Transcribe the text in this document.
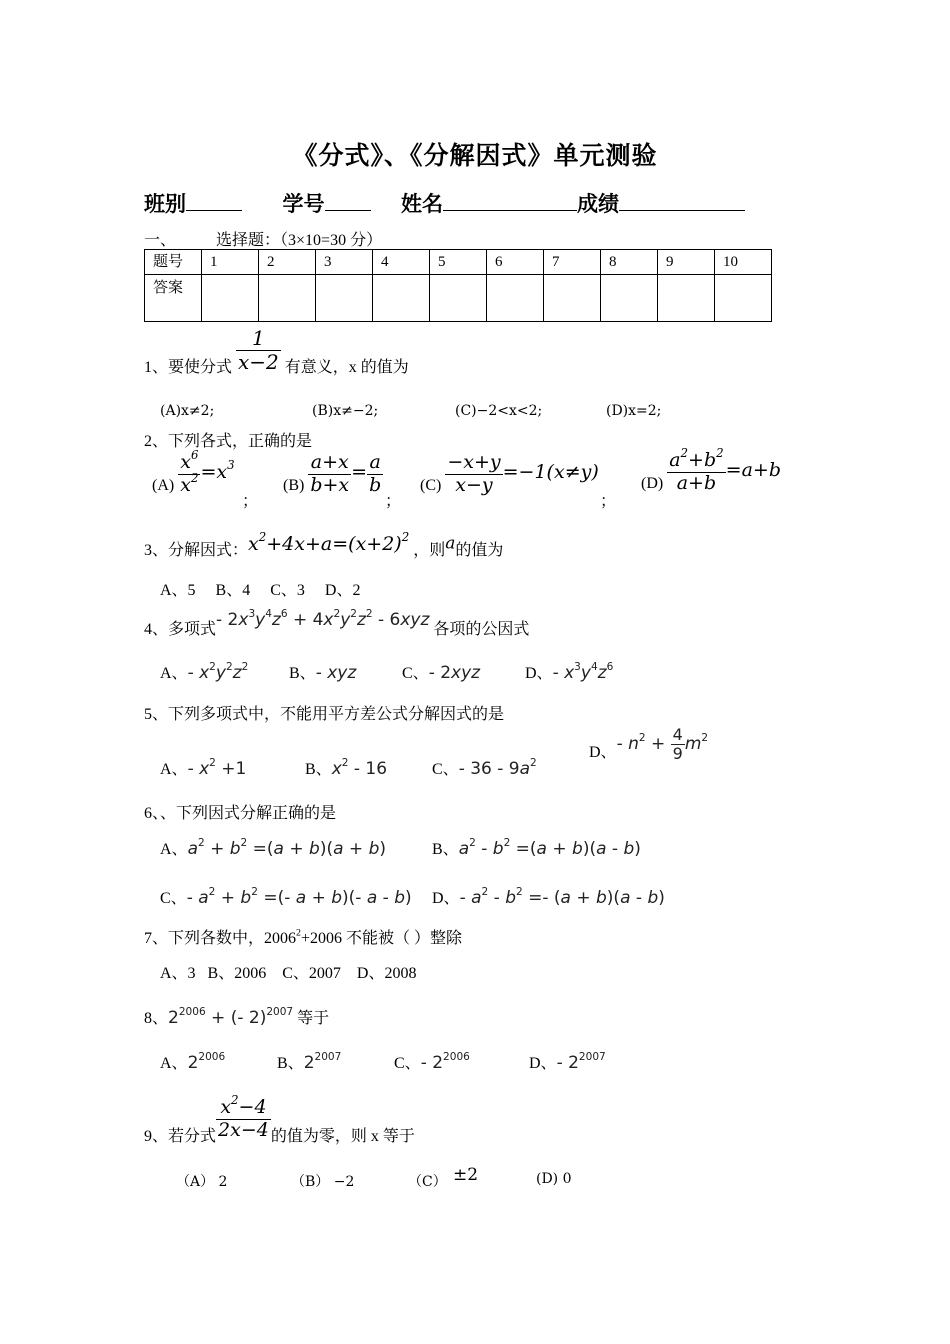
《分式》、《分解因式》单元测验
班别	学号	姓名	成绩
一、	选择题：（3×10=30 分）
题号	1	2	3	4	5	6	7	8	9	10
答案										
1、要使分式 $\frac{1}{x-2}$ 有意义，x 的值为
(A)x≠2;	(B)x≠−2;	(C)−2<x<2;	(D)x=2;
2、下列各式，正确的是
$(A) \frac{x^6}{x^2} =x^3$
；
$(B) \frac{a+x}{b+x} = \frac{a}{b}$
；
$(C) \frac{-x+y}{x-y} =-1(x\ne y)$
；
$(D) \frac{a^2+b^2}{a+b} =a+b$
3、分解因式：$x^2+4x+a=(x+2)^2$ ，则a的值为
A、5     B、4     C、3     D、2
4、多项式- $2x^3y^4z^6 + 4x^2y^2z^2 - 6xyz$ 各项的公因式
A、- $x^2y^2z^2$	B、- xyz	C、- 2xyz	D、- $x^3y^4z^6$
5、下列多项式中，不能用平方差公式分解因式的是
A、- $x^2 +1$	B、$x^2 - 16$	C、- $36 - 9a^2$
D、- $n^2 + \frac{4}{9} m^2$
6、、下列因式分解正确的是
A、$a^2 + b^2 =(a + b)(a + b)$	B、$a^2 - b^2 =(a + b)(a - b)$
C、- $a^2 + b^2$ =(- a + b)(- a - b) D、- $a^2 - b^2 =- (a + b)(a - b)$
7、下列各数中，$2006^2+2006$ 不能被（ ）整除
A、3   B、2006    C、2007    D、2008
8、$2^{2006}$ + (- 2)$^{2007}$ 等于
A、$2^{2006}$	B、$2^{2007}$	C、- $2^{2006}$	D、- $2^{2007}$
9、若分式 $\frac{x^2-4}{2x-4}$ 的值为零，则 x 等于
（A） 2	（B） −2	（C） ±2	(D) 0
